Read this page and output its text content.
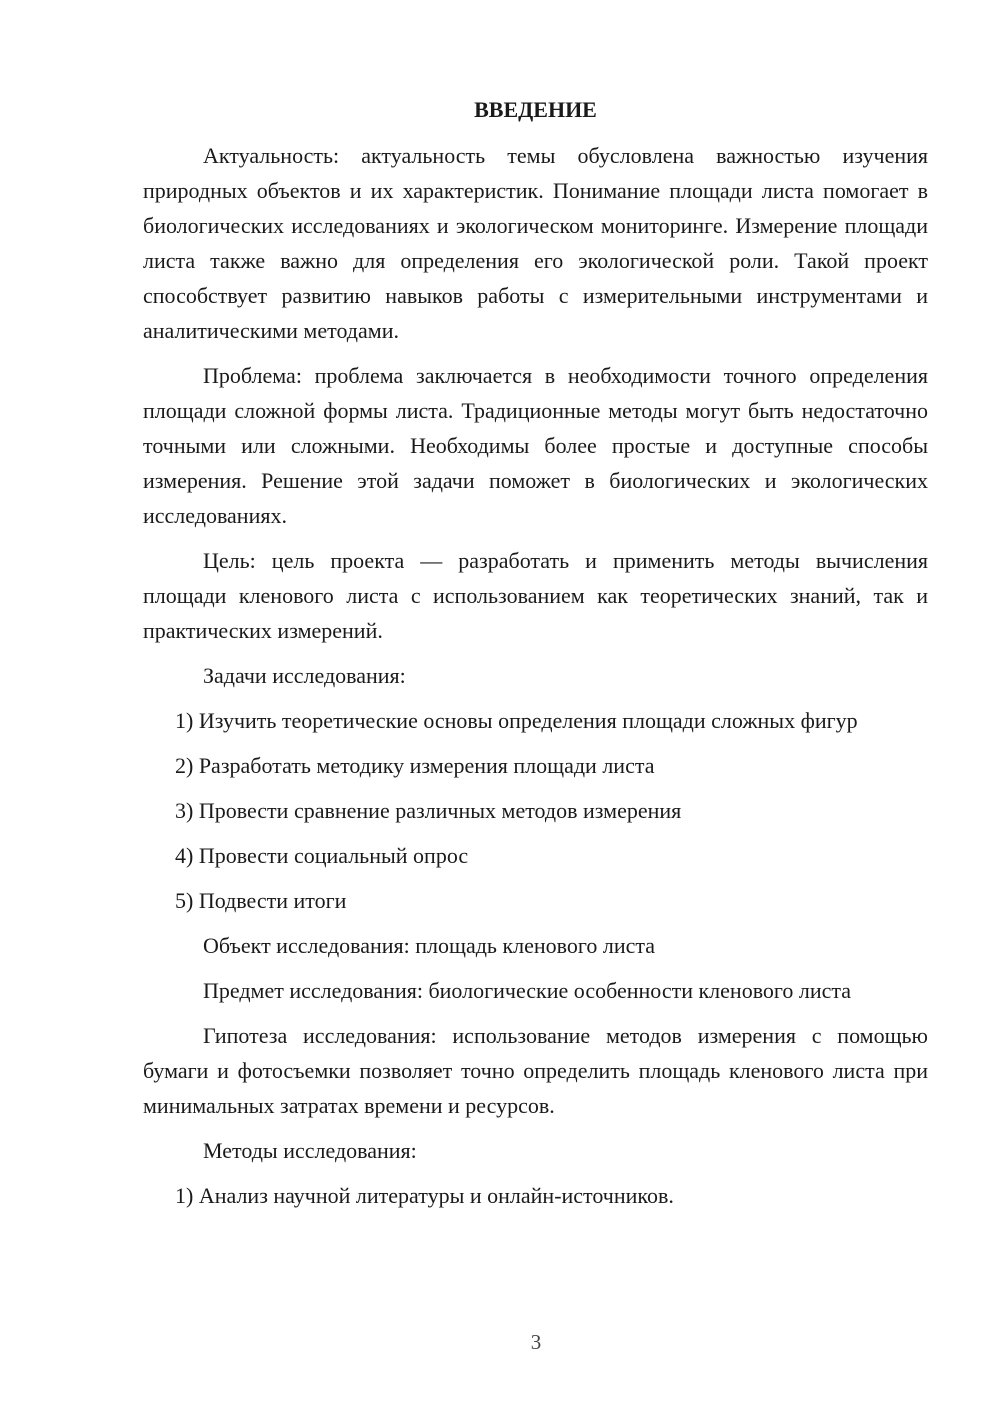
ВВЕДЕНИЕ

Актуальность: актуальность темы обусловлена важностью изучения природных объектов и их характеристик. Понимание площади листа помогает в биологических исследованиях и экологическом мониторинге. Измерение площади листа также важно для определения его экологической роли. Такой проект способствует развитию навыков работы с измерительными инструментами и аналитическими методами.

Проблема: проблема заключается в необходимости точного определения площади сложной формы листа. Традиционные методы могут быть недостаточно точными или сложными. Необходимы более простые и доступные способы измерения. Решение этой задачи поможет в биологических и экологических исследованиях.

Цель: цель проекта — разработать и применить методы вычисления площади кленового листа с использованием как теоретических знаний, так и практических измерений.

Задачи исследования:

1) Изучить теоретические основы определения площади сложных фигур

2) Разработать методику измерения площади листа

3) Провести сравнение различных методов измерения

4) Провести социальный опрос

5) Подвести итоги

Объект исследования: площадь кленового листа

Предмет исследования: биологические особенности кленового листа

Гипотеза исследования: использование методов измерения с помощью бумаги и фотосъемки позволяет точно определить площадь кленового листа при минимальных затратах времени и ресурсов.

Методы исследования:

1) Анализ научной литературы и онлайн-источников.

3
